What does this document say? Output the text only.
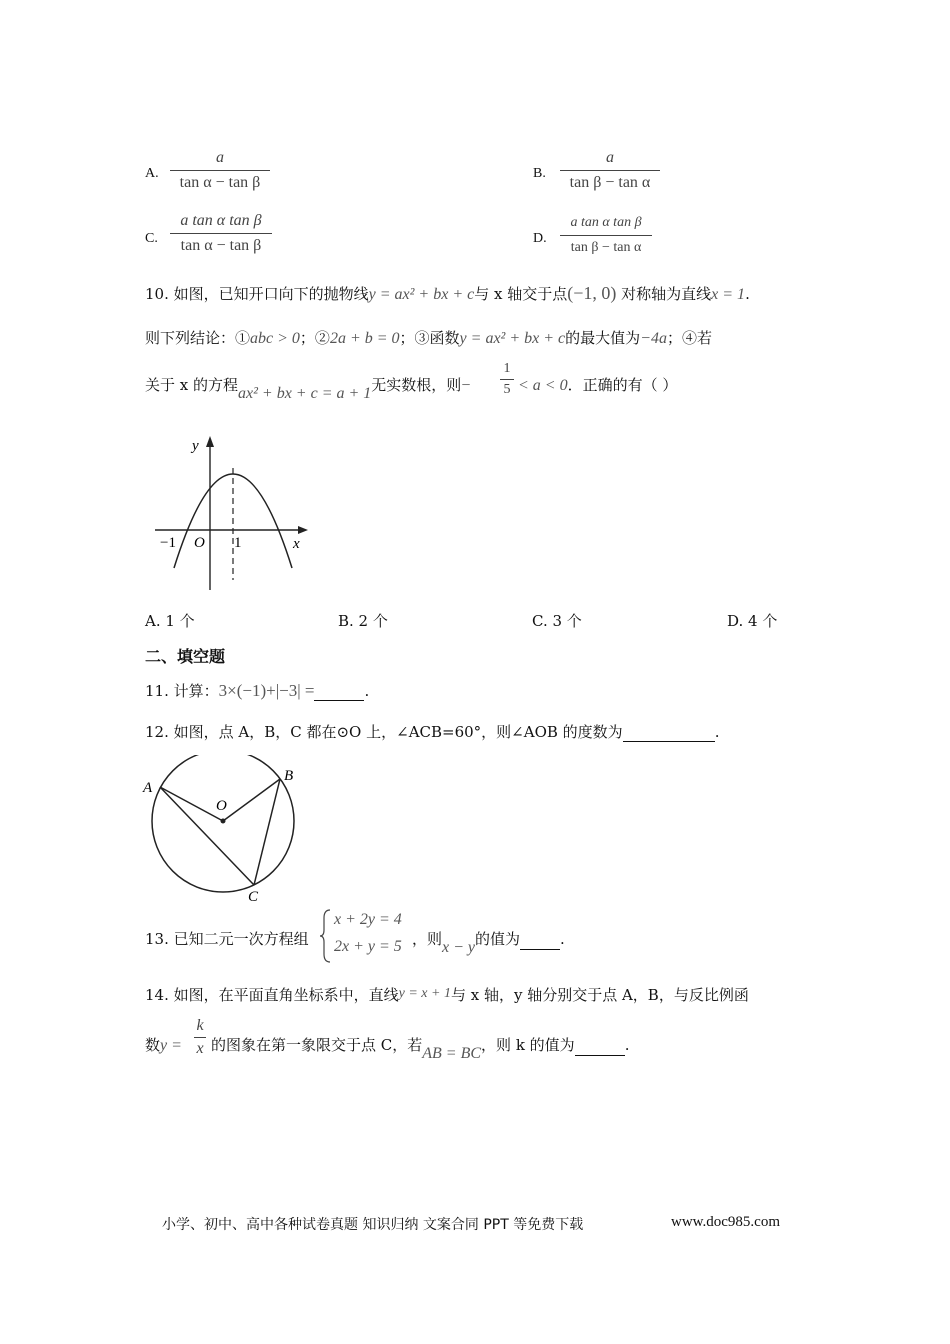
A.
a
tan α − tan β
B.
a
tan β − tan α
C.
a tan α tan β
tan α − tan β	D.
a tan α tan β
tan β − tan α
10. 如图，已知开口向下的抛物线y = ax² + bx + c与 x 轴交于点(−1, 0) 对称轴为直线x = 1.
则下列结论：①abc > 0；②2a + b = 0；③函数y = ax² + bx + c的最大值为−4a；④若
关于 x 的方程ax² + bx + c = a + 1无实数根，则−
1
5 < a < 0．正确的有（ ）
y
x
O
−1	1
A. 1 个	B. 2 个	C. 3 个	D. 4 个
二、填空题
11. 计算：3×(−1)+|−3| =	.
12. 如图，点 A，B，C 都在⊙O 上，∠ACB=60°，则∠AOB 的度数为	.
A
B
O
C
13. 已知二元一次方程组
x + 2y = 4
2x + y = 5 ，则x − y的值为	.
14. 如图，在平面直角坐标系中，直线y = x + 1与 x 轴，y 轴分别交于点 A，B，与反比例函
数y =
k
x 的图象在第一象限交于点 C，若AB = BC，则 k 的值为	.
小学、初中、高中各种试卷真题 知识归纳 文案合同 PPT 等免费下载	www.doc985.com
